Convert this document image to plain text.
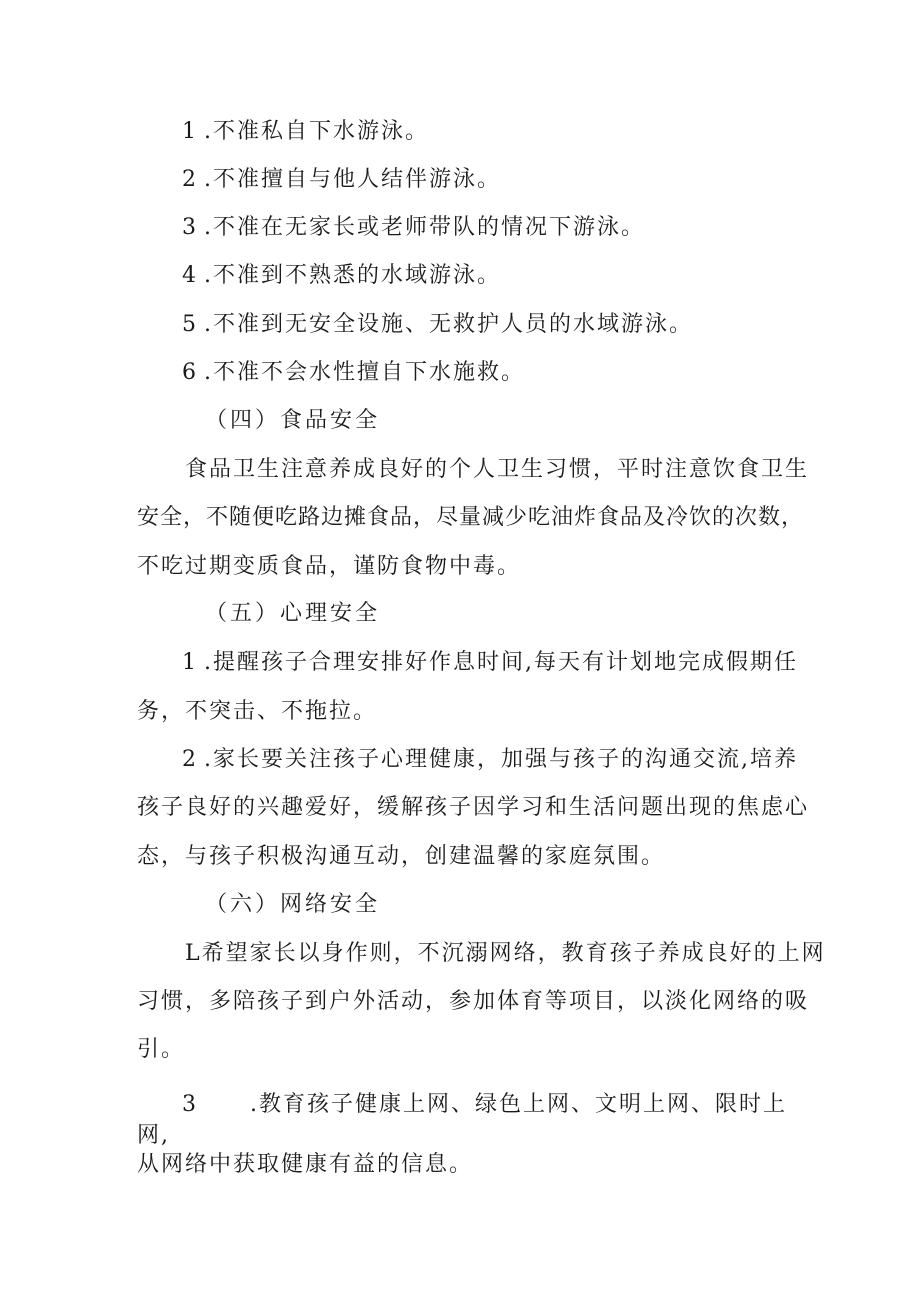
1 .不准私自下水游泳。
2 .不准擅自与他人结伴游泳。
3 .不准在无家长或老师带队的情况下游泳。
4 .不准到不熟悉的水域游泳。
5 .不准到无安全设施、无救护人员的水域游泳。
6 .不准不会水性擅自下水施救。
（四）食品安全
食品卫生注意养成良好的个人卫生习惯，平时注意饮食卫生
安全，不随便吃路边摊食品，尽量减少吃油炸食品及冷饮的次数，
不吃过期变质食品，谨防食物中毒。
（五）心理安全
1 .提醒孩子合理安排好作息时间,每天有计划地完成假期任
务，不突击、不拖拉。
2 .家长要关注孩子心理健康，加强与孩子的沟通交流,培养
孩子良好的兴趣爱好，缓解孩子因学习和生活问题出现的焦虑心
态，与孩子积极沟通互动，创建温馨的家庭氛围。
（六）网络安全
L希望家长以身作则，不沉溺网络，教育孩子养成良好的上网
习惯，多陪孩子到户外活动，参加体育等项目，以淡化网络的吸
引。
3 .教育孩子健康上网、绿色上网、文明上网、限时上
网,
从网络中获取健康有益的信息。
